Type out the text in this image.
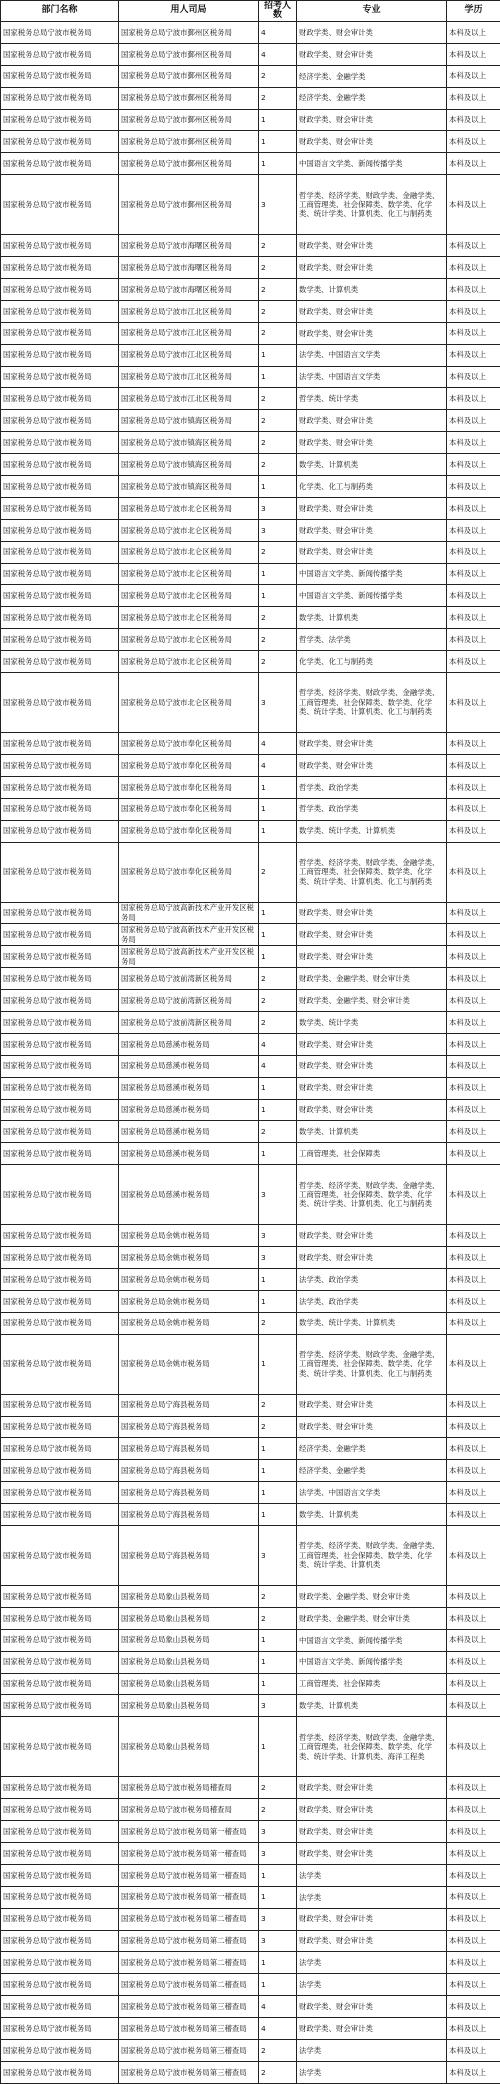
部门名称	用人司局	招考人数	专业	学历
国家税务总局宁波市税务局	国家税务总局宁波市鄞州区税务局	4	财政学类、财会审计类	本科及以上
国家税务总局宁波市税务局	国家税务总局宁波市鄞州区税务局	4	财政学类、财会审计类	本科及以上
国家税务总局宁波市税务局	国家税务总局宁波市鄞州区税务局	2	经济学类、金融学类	本科及以上
国家税务总局宁波市税务局	国家税务总局宁波市鄞州区税务局	2	经济学类、金融学类	本科及以上
国家税务总局宁波市税务局	国家税务总局宁波市鄞州区税务局	1	财政学类、财会审计类	本科及以上
国家税务总局宁波市税务局	国家税务总局宁波市鄞州区税务局	1	财政学类、财会审计类	本科及以上
国家税务总局宁波市税务局	国家税务总局宁波市鄞州区税务局	1	中国语言文学类、新闻传播学类	本科及以上
国家税务总局宁波市税务局	国家税务总局宁波市鄞州区税务局	3	哲学类、经济学类、财政学类、金融学类、工商管理类、社会保障类、数学类、化学类、统计学类、计算机类、化工与制药类	本科及以上
国家税务总局宁波市税务局	国家税务总局宁波市海曙区税务局	2	财政学类、财会审计类	本科及以上
国家税务总局宁波市税务局	国家税务总局宁波市海曙区税务局	2	财政学类、财会审计类	本科及以上
国家税务总局宁波市税务局	国家税务总局宁波市海曙区税务局	2	数学类、计算机类	本科及以上
国家税务总局宁波市税务局	国家税务总局宁波市江北区税务局	2	财政学类、财会审计类	本科及以上
国家税务总局宁波市税务局	国家税务总局宁波市江北区税务局	2	财政学类、财会审计类	本科及以上
国家税务总局宁波市税务局	国家税务总局宁波市江北区税务局	1	法学类、中国语言文学类	本科及以上
国家税务总局宁波市税务局	国家税务总局宁波市江北区税务局	1	法学类、中国语言文学类	本科及以上
国家税务总局宁波市税务局	国家税务总局宁波市江北区税务局	2	哲学类、统计学类	本科及以上
国家税务总局宁波市税务局	国家税务总局宁波市镇海区税务局	2	财政学类、财会审计类	本科及以上
国家税务总局宁波市税务局	国家税务总局宁波市镇海区税务局	2	财政学类、财会审计类	本科及以上
国家税务总局宁波市税务局	国家税务总局宁波市镇海区税务局	2	数学类、计算机类	本科及以上
国家税务总局宁波市税务局	国家税务总局宁波市镇海区税务局	1	化学类、化工与制药类	本科及以上
国家税务总局宁波市税务局	国家税务总局宁波市北仑区税务局	3	财政学类、财会审计类	本科及以上
国家税务总局宁波市税务局	国家税务总局宁波市北仑区税务局	3	财政学类、财会审计类	本科及以上
国家税务总局宁波市税务局	国家税务总局宁波市北仑区税务局	2	财政学类、财会审计类	本科及以上
国家税务总局宁波市税务局	国家税务总局宁波市北仑区税务局	1	中国语言文学类、新闻传播学类	本科及以上
国家税务总局宁波市税务局	国家税务总局宁波市北仑区税务局	1	中国语言文学类、新闻传播学类	本科及以上
国家税务总局宁波市税务局	国家税务总局宁波市北仑区税务局	2	数学类、计算机类	本科及以上
国家税务总局宁波市税务局	国家税务总局宁波市北仑区税务局	2	哲学类、法学类	本科及以上
国家税务总局宁波市税务局	国家税务总局宁波市北仑区税务局	2	化学类、化工与制药类	本科及以上
国家税务总局宁波市税务局	国家税务总局宁波市北仑区税务局	3	哲学类、经济学类、财政学类、金融学类、工商管理类、社会保障类、数学类、化学类、统计学类、计算机类、化工与制药类	本科及以上
国家税务总局宁波市税务局	国家税务总局宁波市奉化区税务局	4	财政学类、财会审计类	本科及以上
国家税务总局宁波市税务局	国家税务总局宁波市奉化区税务局	4	财政学类、财会审计类	本科及以上
国家税务总局宁波市税务局	国家税务总局宁波市奉化区税务局	1	哲学类、政治学类	本科及以上
国家税务总局宁波市税务局	国家税务总局宁波市奉化区税务局	1	哲学类、政治学类	本科及以上
国家税务总局宁波市税务局	国家税务总局宁波市奉化区税务局	1	数学类、统计学类、计算机类	本科及以上
国家税务总局宁波市税务局	国家税务总局宁波市奉化区税务局	2	哲学类、经济学类、财政学类、金融学类、工商管理类、社会保障类、数学类、化学类、统计学类、计算机类、化工与制药类	本科及以上
国家税务总局宁波市税务局	国家税务总局宁波高新技术产业开发区税务局	1	财政学类、财会审计类	本科及以上
国家税务总局宁波市税务局	国家税务总局宁波高新技术产业开发区税务局	1	财政学类、财会审计类	本科及以上
国家税务总局宁波市税务局	国家税务总局宁波高新技术产业开发区税务局	1	财政学类、财会审计类	本科及以上
国家税务总局宁波市税务局	国家税务总局宁波前湾新区税务局	2	财政学类、金融学类、财会审计类	本科及以上
国家税务总局宁波市税务局	国家税务总局宁波前湾新区税务局	2	财政学类、金融学类、财会审计类	本科及以上
国家税务总局宁波市税务局	国家税务总局宁波前湾新区税务局	2	数学类、统计学类	本科及以上
国家税务总局宁波市税务局	国家税务总局慈溪市税务局	4	财政学类、财会审计类	本科及以上
国家税务总局宁波市税务局	国家税务总局慈溪市税务局	4	财政学类、财会审计类	本科及以上
国家税务总局宁波市税务局	国家税务总局慈溪市税务局	1	财政学类、财会审计类	本科及以上
国家税务总局宁波市税务局	国家税务总局慈溪市税务局	1	财政学类、财会审计类	本科及以上
国家税务总局宁波市税务局	国家税务总局慈溪市税务局	2	数学类、计算机类	本科及以上
国家税务总局宁波市税务局	国家税务总局慈溪市税务局	1	工商管理类、社会保障类	本科及以上
国家税务总局宁波市税务局	国家税务总局慈溪市税务局	3	哲学类、经济学类、财政学类、金融学类、工商管理类、社会保障类、数学类、化学类、统计学类、计算机类、化工与制药类	本科及以上
国家税务总局宁波市税务局	国家税务总局余姚市税务局	3	财政学类、财会审计类	本科及以上
国家税务总局宁波市税务局	国家税务总局余姚市税务局	3	财政学类、财会审计类	本科及以上
国家税务总局宁波市税务局	国家税务总局余姚市税务局	1	法学类、政治学类	本科及以上
国家税务总局宁波市税务局	国家税务总局余姚市税务局	1	法学类、政治学类	本科及以上
国家税务总局宁波市税务局	国家税务总局余姚市税务局	2	数学类、统计学类、计算机类	本科及以上
国家税务总局宁波市税务局	国家税务总局余姚市税务局	1	哲学类、经济学类、财政学类、金融学类、工商管理类、社会保障类、数学类、化学类、统计学类、计算机类、化工与制药类	本科及以上
国家税务总局宁波市税务局	国家税务总局宁海县税务局	2	财政学类、财会审计类	本科及以上
国家税务总局宁波市税务局	国家税务总局宁海县税务局	2	财政学类、财会审计类	本科及以上
国家税务总局宁波市税务局	国家税务总局宁海县税务局	1	经济学类、金融学类	本科及以上
国家税务总局宁波市税务局	国家税务总局宁海县税务局	1	经济学类、金融学类	本科及以上
国家税务总局宁波市税务局	国家税务总局宁海县税务局	1	法学类、中国语言文学类	本科及以上
国家税务总局宁波市税务局	国家税务总局宁海县税务局	1	数学类、计算机类	本科及以上
国家税务总局宁波市税务局	国家税务总局宁海县税务局	3	哲学类、经济学类、财政学类、金融学类、工商管理类、社会保障类、数学类、化学类、统计学类、计算机类	本科及以上
国家税务总局宁波市税务局	国家税务总局象山县税务局	2	财政学类、金融学类、财会审计类	本科及以上
国家税务总局宁波市税务局	国家税务总局象山县税务局	2	财政学类、金融学类、财会审计类	本科及以上
国家税务总局宁波市税务局	国家税务总局象山县税务局	1	中国语言文学类、新闻传播学类	本科及以上
国家税务总局宁波市税务局	国家税务总局象山县税务局	1	中国语言文学类、新闻传播学类	本科及以上
国家税务总局宁波市税务局	国家税务总局象山县税务局	1	工商管理类、社会保障类	本科及以上
国家税务总局宁波市税务局	国家税务总局象山县税务局	3	数学类、计算机类	本科及以上
国家税务总局宁波市税务局	国家税务总局象山县税务局	1	哲学类、经济学类、财政学类、金融学类、工商管理类、社会保障类、数学类、化学类、统计学类、计算机类、海洋工程类	本科及以上
国家税务总局宁波市税务局	国家税务总局宁波市税务局稽查局	2	财政学类、财会审计类	本科及以上
国家税务总局宁波市税务局	国家税务总局宁波市税务局稽查局	2	财政学类、财会审计类	本科及以上
国家税务总局宁波市税务局	国家税务总局宁波市税务局第一稽查局	3	财政学类、财会审计类	本科及以上
国家税务总局宁波市税务局	国家税务总局宁波市税务局第一稽查局	3	财政学类、财会审计类	本科及以上
国家税务总局宁波市税务局	国家税务总局宁波市税务局第一稽查局	1	法学类	本科及以上
国家税务总局宁波市税务局	国家税务总局宁波市税务局第一稽查局	1	法学类	本科及以上
国家税务总局宁波市税务局	国家税务总局宁波市税务局第二稽查局	3	财政学类、财会审计类	本科及以上
国家税务总局宁波市税务局	国家税务总局宁波市税务局第二稽查局	3	财政学类、财会审计类	本科及以上
国家税务总局宁波市税务局	国家税务总局宁波市税务局第二稽查局	1	法学类	本科及以上
国家税务总局宁波市税务局	国家税务总局宁波市税务局第二稽查局	1	法学类	本科及以上
国家税务总局宁波市税务局	国家税务总局宁波市税务局第三稽查局	4	财政学类、财会审计类	本科及以上
国家税务总局宁波市税务局	国家税务总局宁波市税务局第三稽查局	4	财政学类、财会审计类	本科及以上
国家税务总局宁波市税务局	国家税务总局宁波市税务局第三稽查局	2	法学类	本科及以上
国家税务总局宁波市税务局	国家税务总局宁波市税务局第三稽查局	2	法学类	本科及以上
